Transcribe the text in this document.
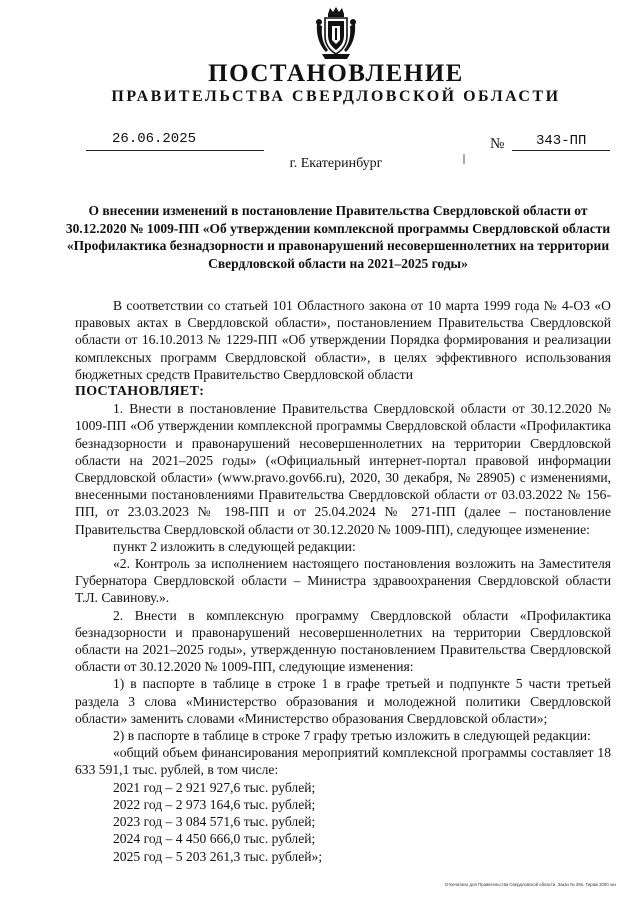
ПОСТАНОВЛЕНИЕ
ПРАВИТЕЛЬСТВА СВЕРДЛОВСКОЙ ОБЛАСТИ
26.06.2025	№ 343-ПП
г. Екатеринбург
О внесении изменений в постановление Правительства Свердловской области от 30.12.2020 № 1009-ПП «Об утверждении комплексной программы Свердловской области «Профилактика безнадзорности и правонарушений несовершеннолетних на территории Свердловской области на 2021–2025 годы»

В соответствии со статьей 101 Областного закона от 10 марта 1999 года № 4-ОЗ «О правовых актах в Свердловской области», постановлением Правительства Свердловской области от 16.10.2013 № 1229-ПП «Об утверждении Порядка формирования и реализации комплексных программ Свердловской области», в целях эффективного использования бюджетных средств Правительство Свердловской области

ПОСТАНОВЛЯЕТ:

1. Внести в постановление Правительства Свердловской области от 30.12.2020 № 1009-ПП «Об утверждении комплексной программы Свердловской области «Профилактика безнадзорности и правонарушений несовершеннолетних на территории Свердловской области на 2021–2025 годы» («Официальный интернет-портал правовой информации Свердловской области» (www.pravo.gov66.ru), 2020, 30 декабря, № 28905) с изменениями, внесенными постановлениями Правительства Свердловской области от 03.03.2022 № 156-ПП, от 23.03.2023 № 198-ПП и от 25.04.2024 № 271-ПП (далее – постановление Правительства Свердловской области от 30.12.2020 № 1009-ПП), следующее изменение:

пункт 2 изложить в следующей редакции:

«2. Контроль за исполнением настоящего постановления возложить на Заместителя Губернатора Свердловской области – Министра здравоохранения Свердловской области Т.Л. Савинову.».

2. Внести в комплексную программу Свердловской области «Профилактика безнадзорности и правонарушений несовершеннолетних на территории Свердловской области на 2021–2025 годы», утвержденную постановлением Правительства Свердловской области от 30.12.2020 № 1009-ПП, следующие изменения:

1) в паспорте в таблице в строке 1 в графе третьей и подпункте 5 части третьей раздела 3 слова «Министерство образования и молодежной политики Свердловской области» заменить словами «Министерство образования Свердловской области»;

2) в паспорте в таблице в строке 7 графу третью изложить в следующей редакции:

«общий объем финансирования мероприятий комплексной программы составляет 18 633 591,1 тыс. рублей, в том числе:

2021 год – 2 921 927,6 тыс. рублей;

2022 год – 2 973 164,6 тыс. рублей;

2023 год – 3 084 571,6 тыс. рублей;

2024 год – 4 450 666,0 тыс. рублей;

2025 год – 5 203 261,3 тыс. рублей»;

Отпечатано для Правительства Свердловской области. Заказ № 256. Тираж 2000 экз
